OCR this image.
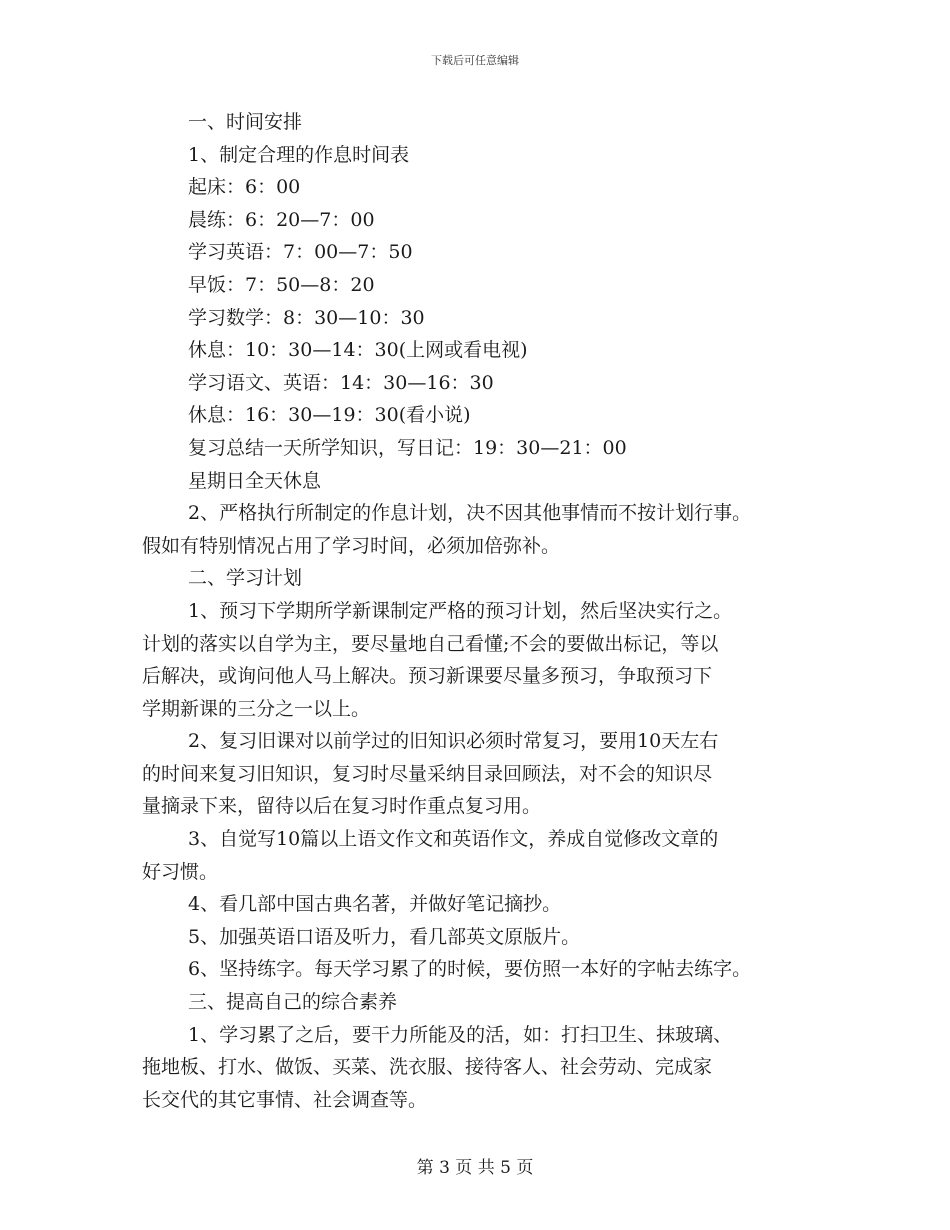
下载后可任意编辑
一、时间安排
1、制定合理的作息时间表
起床：6：00
晨练：6：20—7：00
学习英语：7：00—7：50
早饭：7：50—8：20
学习数学：8：30—10：30
休息：10：30—14：30(上网或看电视)
学习语文、英语：14：30—16：30
休息：16：30—19：30(看小说)
复习总结一天所学知识，写日记：19：30—21：00
星期日全天休息
2、严格执行所制定的作息计划，决不因其他事情而不按计划行事。
假如有特别情况占用了学习时间，必须加倍弥补。
二、学习计划
1、预习下学期所学新课制定严格的预习计划，然后坚决实行之。
计划的落实以自学为主，要尽量地自己看懂;不会的要做出标记，等以
后解决，或询问他人马上解决。预习新课要尽量多预习，争取预习下
学期新课的三分之一以上。
2、复习旧课对以前学过的旧知识必须时常复习，要用10天左右
的时间来复习旧知识，复习时尽量采纳目录回顾法，对不会的知识尽
量摘录下来，留待以后在复习时作重点复习用。
3、自觉写10篇以上语文作文和英语作文，养成自觉修改文章的
好习惯。
4、看几部中国古典名著，并做好笔记摘抄。
5、加强英语口语及听力，看几部英文原版片。
6、坚持练字。每天学习累了的时候，要仿照一本好的字帖去练字。
三、提高自己的综合素养
1、学习累了之后，要干力所能及的活，如：打扫卫生、抹玻璃、
拖地板、打水、做饭、买菜、洗衣服、接待客人、社会劳动、完成家
长交代的其它事情、社会调查等。
第 3 页 共 5 页
